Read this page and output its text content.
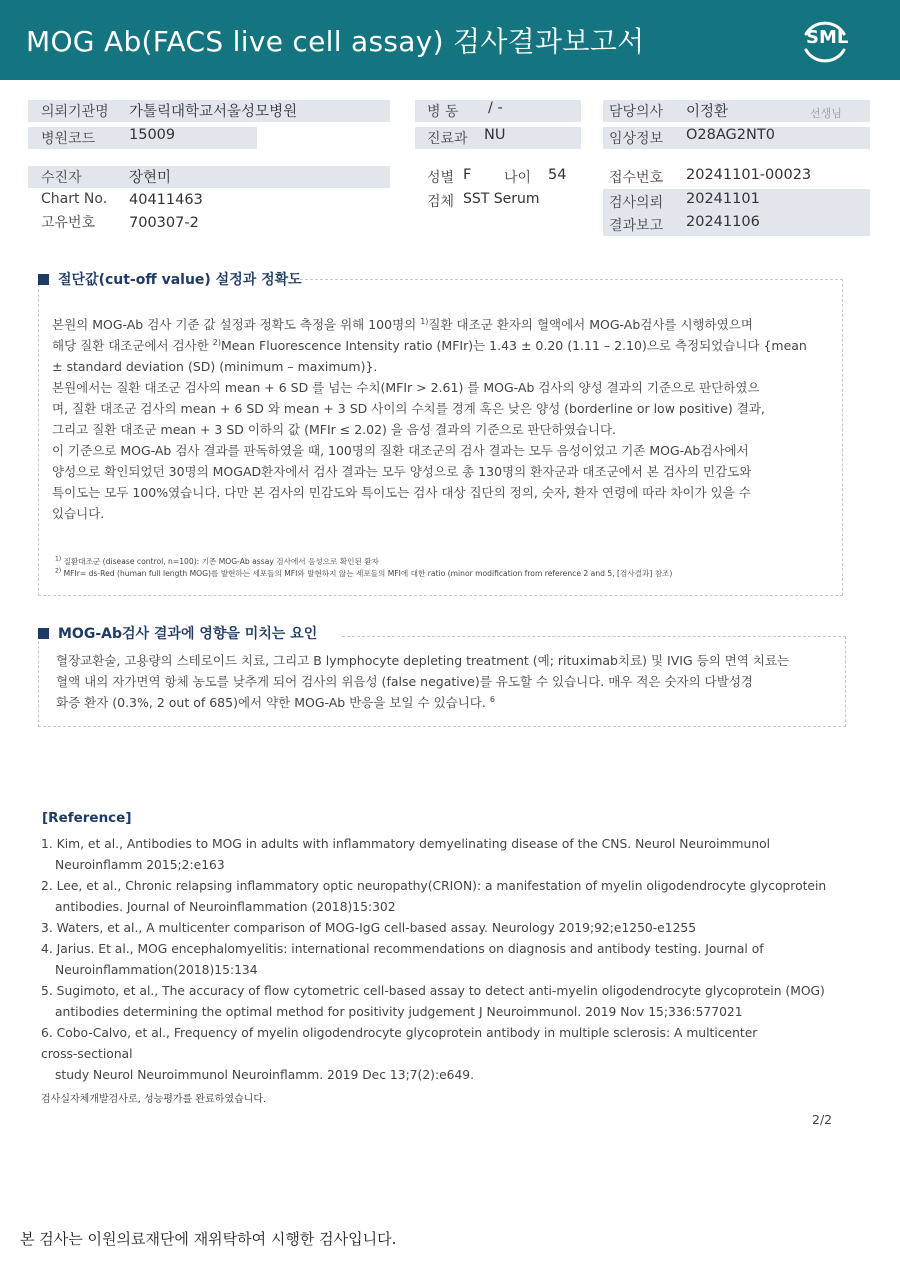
MOG Ab(FACS live cell assay) 검사결과보고서	SML
의뢰기관명 가톨릭대학교서울성모병원
병원코드 15009
병 동 / -
진료과 NU
담당의사 이정환	선생님
임상정보 O28AG2NT0
수진자	장현미
Chart No. 40411463
고유번호 700307-2
성별 F 나이 54
검체 SST Serum
접수번호 20241101-00023
검사의뢰 20241101
결과보고 20241106
절단값(cut-off value) 설정과 정확도

본원의 MOG-Ab 검사 기준 값 설정과 정확도 측정을 위해 100명의 $^{1)}$질환 대조군 환자의 혈액에서 MOG-Ab검사를 시행하였으며

해당 질환 대조군에서 검사한 $^{2)}$Mean Fluorescence Intensity ratio (MFIr)는 1.43 ± 0.20 (1.11 – 2.10)으로 측정되었습니다 {mean

± standard deviation (SD) (minimum – maximum)}.

본원에서는 질환 대조군 검사의 mean + 6 SD 를 넘는 수치(MFIr > 2.61) 를 MOG-Ab 검사의 양성 결과의 기준으로 판단하였으

며, 질환 대조군 검사의 mean + 6 SD 와 mean + 3 SD 사이의 수치를 경계 혹은 낮은 양성 (borderline or low positive) 결과,

그리고 질환 대조군 mean + 3 SD 이하의 값 (MFIr ≤ 2.02) 을 음성 결과의 기준으로 판단하였습니다.

이 기준으로 MOG-Ab 검사 결과를 판독하였을 때, 100명의 질환 대조군의 검사 결과는 모두 음성이었고 기존 MOG-Ab검사에서

양성으로 확인되었던 30명의 MOGAD환자에서 검사 결과는 모두 양성으로 총 130명의 환자군과 대조군에서 본 검사의 민감도와

특이도는 모두 100%였습니다. 다만 본 검사의 민감도와 특이도는 검사 대상 집단의 정의, 숫자, 환자 연령에 따라 차이가 있을 수

있습니다.

$^{1)}$ 질환대조군 (disease control, n=100): 기존 MOG-Ab assay 검사에서 음성으로 확인된 환자
$^{2)}$ MFIr= ds-Red (human full length MOG)를 발현하는 세포들의 MFI와 발현하지 않는 세포들의 MFI에 대한 ratio (minor modification from reference 2 and 5, [검사결과] 참조)
MOG-Ab검사 결과에 영향을 미치는 요인

혈장교환술, 고용량의 스테로이드 치료, 그리고 B lymphocyte depleting treatment (예; rituximab치료) 및 IVIG 등의 면역 치료는

혈액 내의 자가면역 항체 농도를 낮추게 되어 검사의 위음성 (false negative)를 유도할 수 있습니다. 매우 적은 숫자의 다발성경

화증 환자 (0.3%, 2 out of 685)에서 약한 MOG-Ab 반응을 보일 수 있습니다. $^6$

[Reference]

1. Kim, et al., Antibodies to MOG in adults with inflammatory demyelinating disease of the CNS. Neurol Neuroimmunol

Neuroinflamm 2015;2:e163

2. Lee, et al., Chronic relapsing inflammatory optic neuropathy(CRION): a manifestation of myelin oligodendrocyte glycoprotein

antibodies. Journal of Neuroinflammation (2018)15:302

3. Waters, et al., A multicenter comparison of MOG-IgG cell-based assay. Neurology 2019;92;e1250-e1255

4. Jarius. Et al., MOG encephalomyelitis: international recommendations on diagnosis and antibody testing. Journal of

Neuroinflammation(2018)15:134

5. Sugimoto, et al., The accuracy of flow cytometric cell-based assay to detect anti-myelin oligodendrocyte glycoprotein (MOG)

antibodies determining the optimal method for positivity judgement J Neuroimmunol. 2019 Nov 15;336:577021

6. Cobo-Calvo, et al., Frequency of myelin oligodendrocyte glycoprotein antibody in multiple sclerosis: A multicenter

cross-sectional

study Neurol Neuroimmunol Neuroinflamm. 2019 Dec 13;7(2):e649.

검사실자체개발검사로, 성능평가를 완료하였습니다.
2/2
본 검사는 이원의료재단에 재위탁하여 시행한 검사입니다.
